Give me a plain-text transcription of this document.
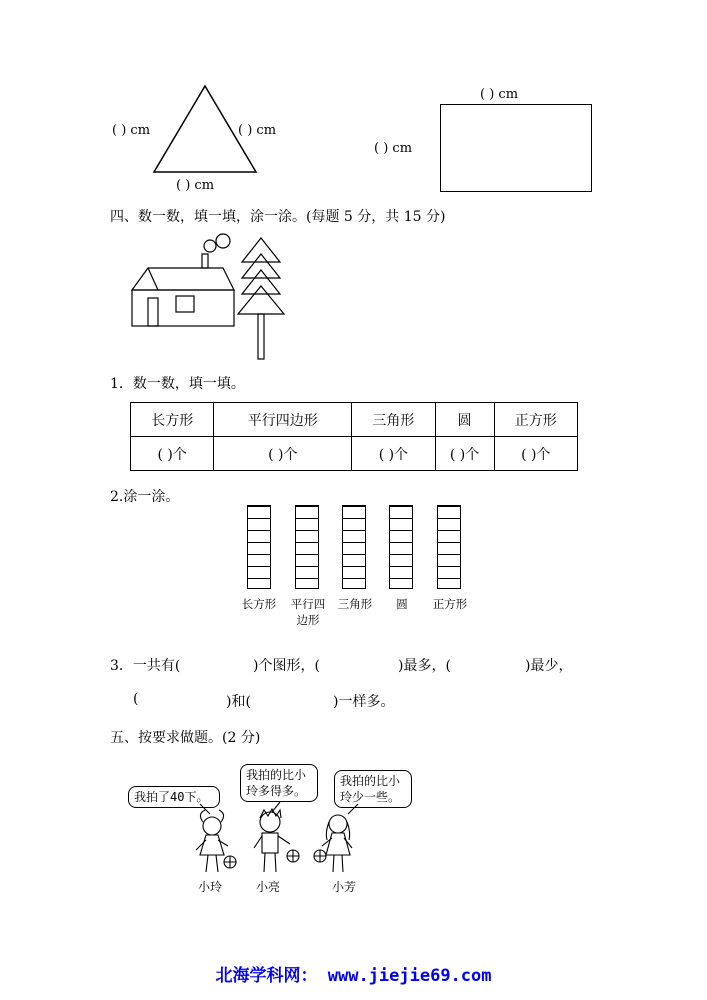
( ) cm	( ) cm
( ) cm
( ) cm
( ) cm
四、数一数，填一填，涂一涂。(每题 5 分，共 15 分)
1．数一数，填一填。
长方形	平行四边形	三角形	圆	正方形
( )个	( )个	( )个	( )个	( )个
2.涂一涂。
长方形	平行四
边形
三角形	圆	正方形
3．一共有(	)个图形，(	)最多，(	)最少，
(	)和(	)一样多。
五、按要求做题。(2 分)
我拍了40下。
我拍的比小
玲多得多。
我拍的比小
玲少一些。
小玲	小亮	小芳
北海学科网： www.jiejie69.com
